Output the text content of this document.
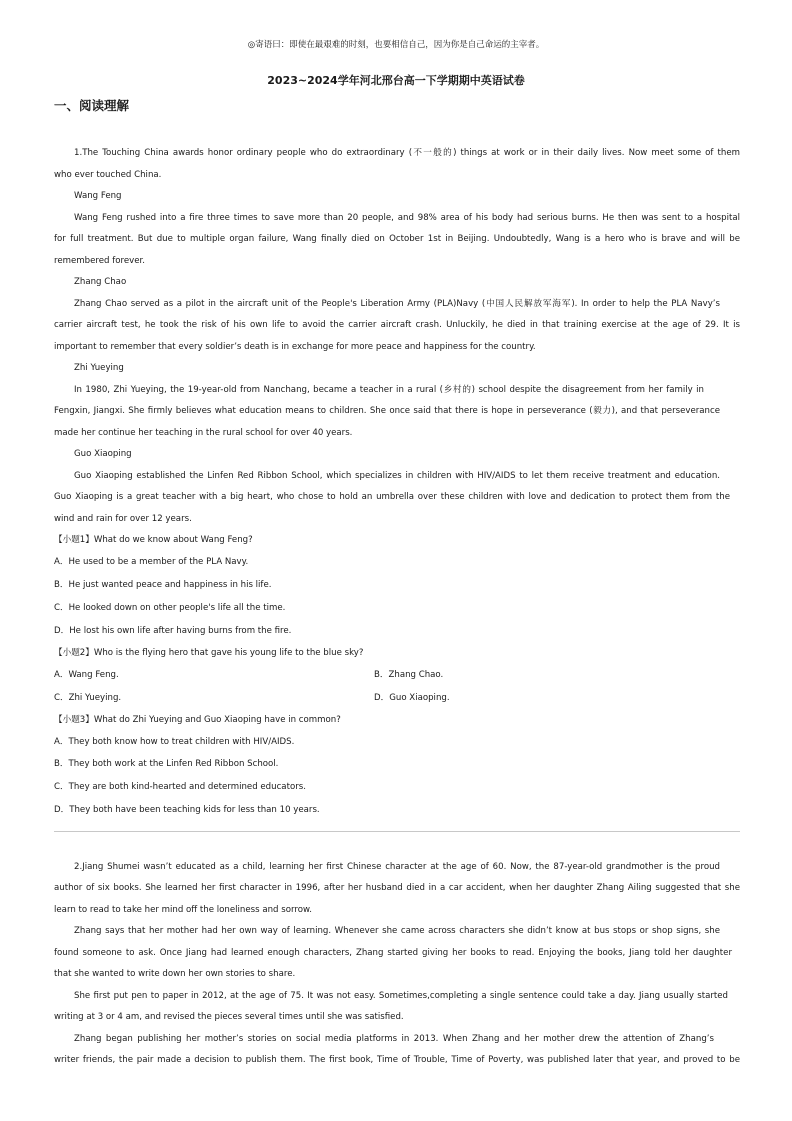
◎寄语曰：即使在最艰难的时刻，也要相信自己，因为你是自己命运的主宰者。
2023~2024学年河北邢台高一下学期期中英语试卷
一、阅读理解
1.The Touching China awards honor ordinary people who do extraordinary (不一般的) things at work or in their daily lives. Now meet some of them
who ever touched China.
Wang Feng
Wang Feng rushed into a fire three times to save more than 20 people, and 98% area of his body had serious burns. He then was sent to a hospital
for full treatment. But due to multiple organ failure, Wang finally died on October 1st in Beijing. Undoubtedly, Wang is a hero who is brave and will be
remembered forever.
Zhang Chao
Zhang Chao served as a pilot in the aircraft unit of the People's Liberation Army (PLA)Navy (中国人民解放军海军). In order to help the PLA Navy’s
carrier aircraft test, he took the risk of his own life to avoid the carrier aircraft crash. Unluckily, he died in that training exercise at the age of 29. It is
important to remember that every soldier’s death is in exchange for more peace and happiness for the country.
Zhi Yueying
In 1980, Zhi Yueying, the 19-year-old from Nanchang, became a teacher in a rural (乡村的) school despite the disagreement from her family in
Fengxin, Jiangxi. She firmly believes what education means to children. She once said that there is hope in perseverance (毅力), and that perseverance
made her continue her teaching in the rural school for over 40 years.
Guo Xiaoping
Guo Xiaoping established the Linfen Red Ribbon School, which specializes in children with HIV/AIDS to let them receive treatment and education.
Guo Xiaoping is a great teacher with a big heart, who chose to hold an umbrella over these children with love and dedication to protect them from the
wind and rain for over 12 years.
【小题1】What do we know about Wang Feng?
A．He used to be a member of the PLA Navy.
B．He just wanted peace and happiness in his life.
C．He looked down on other people's life all the time.
D．He lost his own life after having burns from the fire.
【小题2】Who is the flying hero that gave his young life to the blue sky?
A．Wang Feng.	B．Zhang Chao.
C．Zhi Yueying.	D．Guo Xiaoping.
【小题3】What do Zhi Yueying and Guo Xiaoping have in common?
A．They both know how to treat children with HIV/AIDS.
B．They both work at the Linfen Red Ribbon School.
C．They are both kind-hearted and determined educators.
D．They both have been teaching kids for less than 10 years.
2.Jiang Shumei wasn’t educated as a child, learning her first Chinese character at the age of 60. Now, the 87-year-old grandmother is the proud
author of six books. She learned her first character in 1996, after her husband died in a car accident, when her daughter Zhang Ailing suggested that she
learn to read to take her mind off the loneliness and sorrow.
Zhang says that her mother had her own way of learning. Whenever she came across characters she didn’t know at bus stops or shop signs, she
found someone to ask. Once Jiang had learned enough characters, Zhang started giving her books to read. Enjoying the books, Jiang told her daughter
that she wanted to write down her own stories to share.
She first put pen to paper in 2012, at the age of 75. It was not easy. Sometimes,completing a single sentence could take a day. Jiang usually started
writing at 3 or 4 am, and revised the pieces several times until she was satisfied.
Zhang began publishing her mother’s stories on social media platforms in 2013. When Zhang and her mother drew the attention of Zhang’s
writer friends, the pair made a decision to publish them. The first book, Time of Trouble, Time of Poverty, was published later that year, and proved to be
